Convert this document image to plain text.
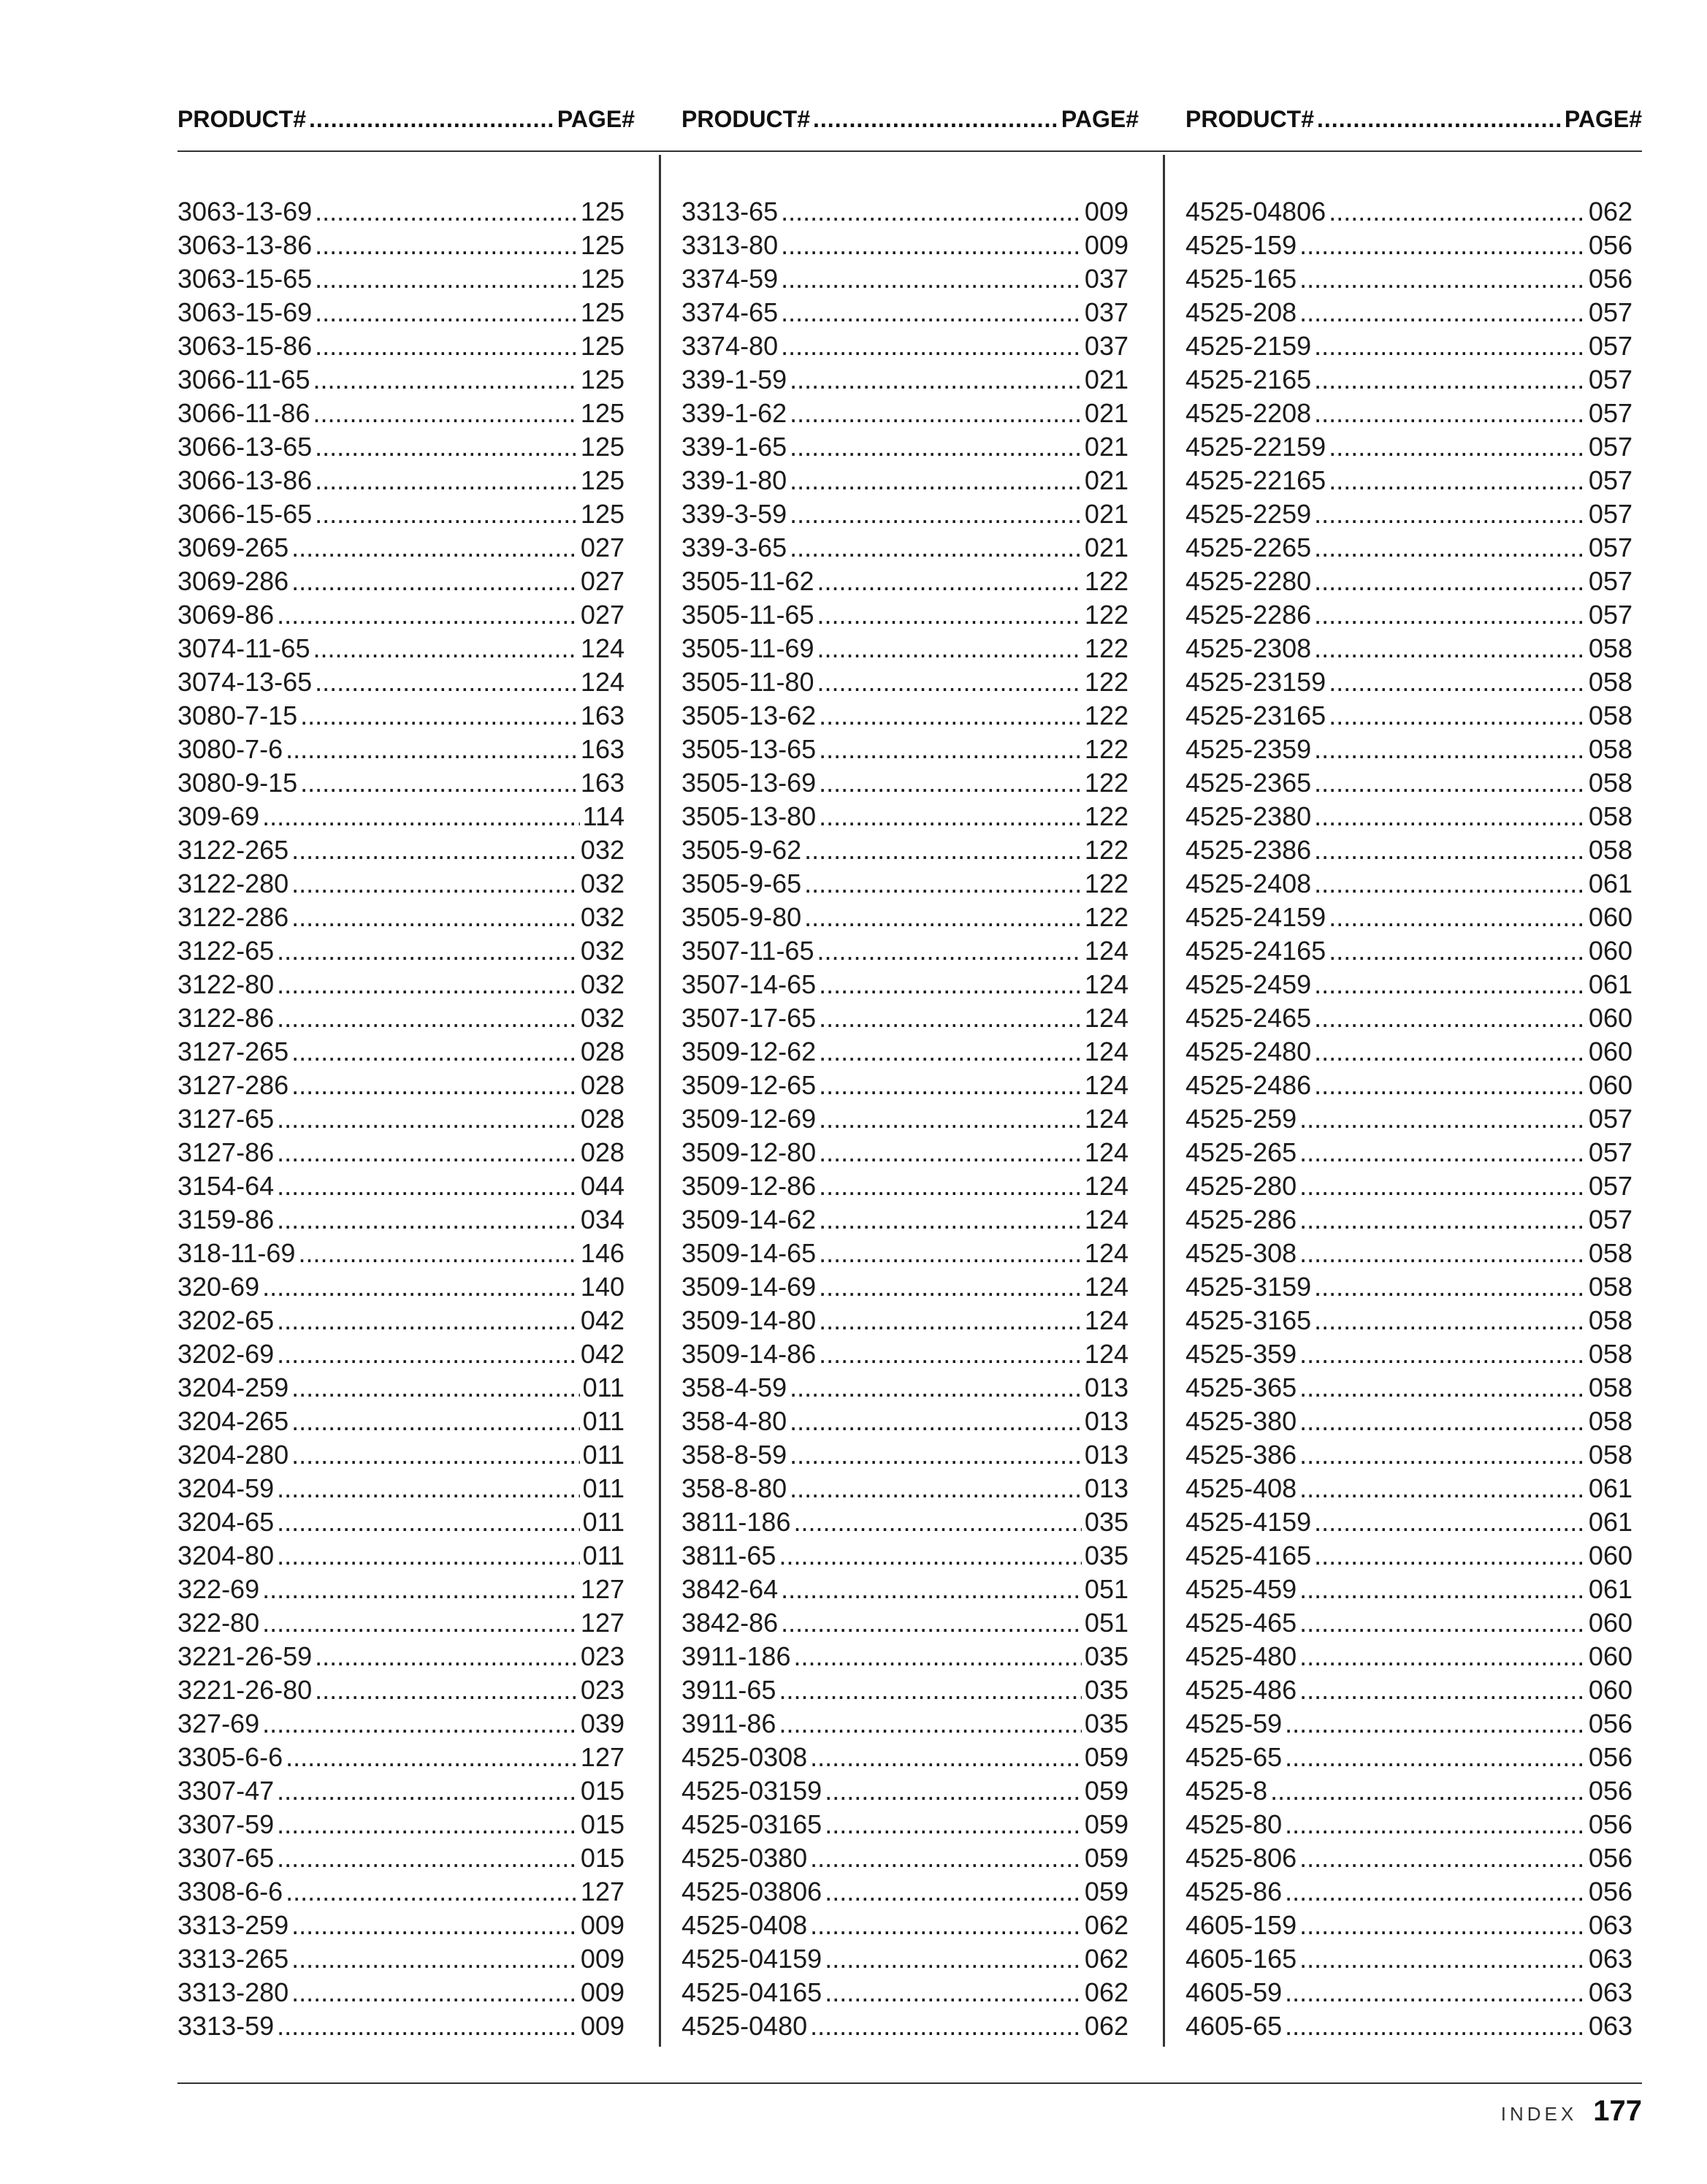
PRODUCT# .....	PAGE# PRODUCT# .....	PAGE# PRODUCT# .....	PAGE#
3063-13-69 .....	125
3063-13-86 .....	125
3063-15-65 .....	125
3063-15-69 .....	125
3063-15-86 .....	125
3066-11-65 .....	125
3066-11-86 .....	125
3066-13-65 .....	125
3066-13-86 .....	125
3066-15-65 .....	125
3069-265 .....	027
3069-286 .....	027
3069-86 .....	027
3074-11-65 .....	124
3074-13-65 .....	124
3080-7-15 .....	163
3080-7-6 .....	163
3080-9-15 .....	163
309-69 .....	114
3122-265 .....	032
3122-280 .....	032
3122-286 .....	032
3122-65 .....	032
3122-80 .....	032
3122-86 .....	032
3127-265 .....	028
3127-286 .....	028
3127-65 .....	028
3127-86 .....	028
3154-64 .....	044
3159-86 .....	034
318-11-69 .....	146
320-69 .....	140
3202-65 .....	042
3202-69 .....	042
3204-259 .....	011
3204-265 .....	011
3204-280 .....	011
3204-59 .....	011
3204-65 .....	011
3204-80 .....	011
322-69 .....	127
322-80 .....	127
3221-26-59 .....	023
3221-26-80 .....	023
327-69 .....	039
3305-6-6 .....	127
3307-47 .....	015
3307-59 .....	015
3307-65 .....	015
3308-6-6 .....	127
3313-259 .....	009
3313-265 .....	009
3313-280 .....	009
3313-59 .....	009
3313-65 .....	009
3313-80 .....	009
3374-59 .....	037
3374-65 .....	037
3374-80 .....	037
339-1-59 .....	021
339-1-62 .....	021
339-1-65 .....	021
339-1-80 .....	021
339-3-59 .....	021
339-3-65 .....	021
3505-11-62 .....	122
3505-11-65 .....	122
3505-11-69 .....	122
3505-11-80 .....	122
3505-13-62 .....	122
3505-13-65 .....	122
3505-13-69 .....	122
3505-13-80 .....	122
3505-9-62 .....	122
3505-9-65 .....	122
3505-9-80 .....	122
3507-11-65 .....	124
3507-14-65 .....	124
3507-17-65 .....	124
3509-12-62 .....	124
3509-12-65 .....	124
3509-12-69 .....	124
3509-12-80 .....	124
3509-12-86 .....	124
3509-14-62 .....	124
3509-14-65 .....	124
3509-14-69 .....	124
3509-14-80 .....	124
3509-14-86 .....	124
358-4-59 .....	013
358-4-80 .....	013
358-8-59 .....	013
358-8-80 .....	013
3811-186 .....	035
3811-65 .....	035
3842-64 .....	051
3842-86 .....	051
3911-186 .....	035
3911-65 .....	035
3911-86 .....	035
4525-0308 .....	059
4525-03159 .....	059
4525-03165 .....	059
4525-0380 .....	059
4525-03806 .....	059
4525-0408 .....	062
4525-04159 .....	062
4525-04165 .....	062
4525-0480 .....	062
4525-04806 .....	062
4525-159 .....	056
4525-165 .....	056
4525-208 .....	057
4525-2159 .....	057
4525-2165 .....	057
4525-2208 .....	057
4525-22159 .....	057
4525-22165 .....	057
4525-2259 .....	057
4525-2265 .....	057
4525-2280 .....	057
4525-2286 .....	057
4525-2308 .....	058
4525-23159 .....	058
4525-23165 .....	058
4525-2359 .....	058
4525-2365 .....	058
4525-2380 .....	058
4525-2386 .....	058
4525-2408 .....	061
4525-24159 .....	060
4525-24165 .....	060
4525-2459 .....	061
4525-2465 .....	060
4525-2480 .....	060
4525-2486 .....	060
4525-259 .....	057
4525-265 .....	057
4525-280 .....	057
4525-286 .....	057
4525-308 .....	058
4525-3159 .....	058
4525-3165 .....	058
4525-359 .....	058
4525-365 .....	058
4525-380 .....	058
4525-386 .....	058
4525-408 .....	061
4525-4159 .....	061
4525-4165 .....	060
4525-459 .....	061
4525-465 .....	060
4525-480 .....	060
4525-486 .....	060
4525-59 .....	056
4525-65 .....	056
4525-8 .....	056
4525-80 .....	056
4525-806 .....	056
4525-86 .....	056
4605-159 .....	063
4605-165 .....	063
4605-59 .....	063
4605-65 .....	063
INDEX 177
